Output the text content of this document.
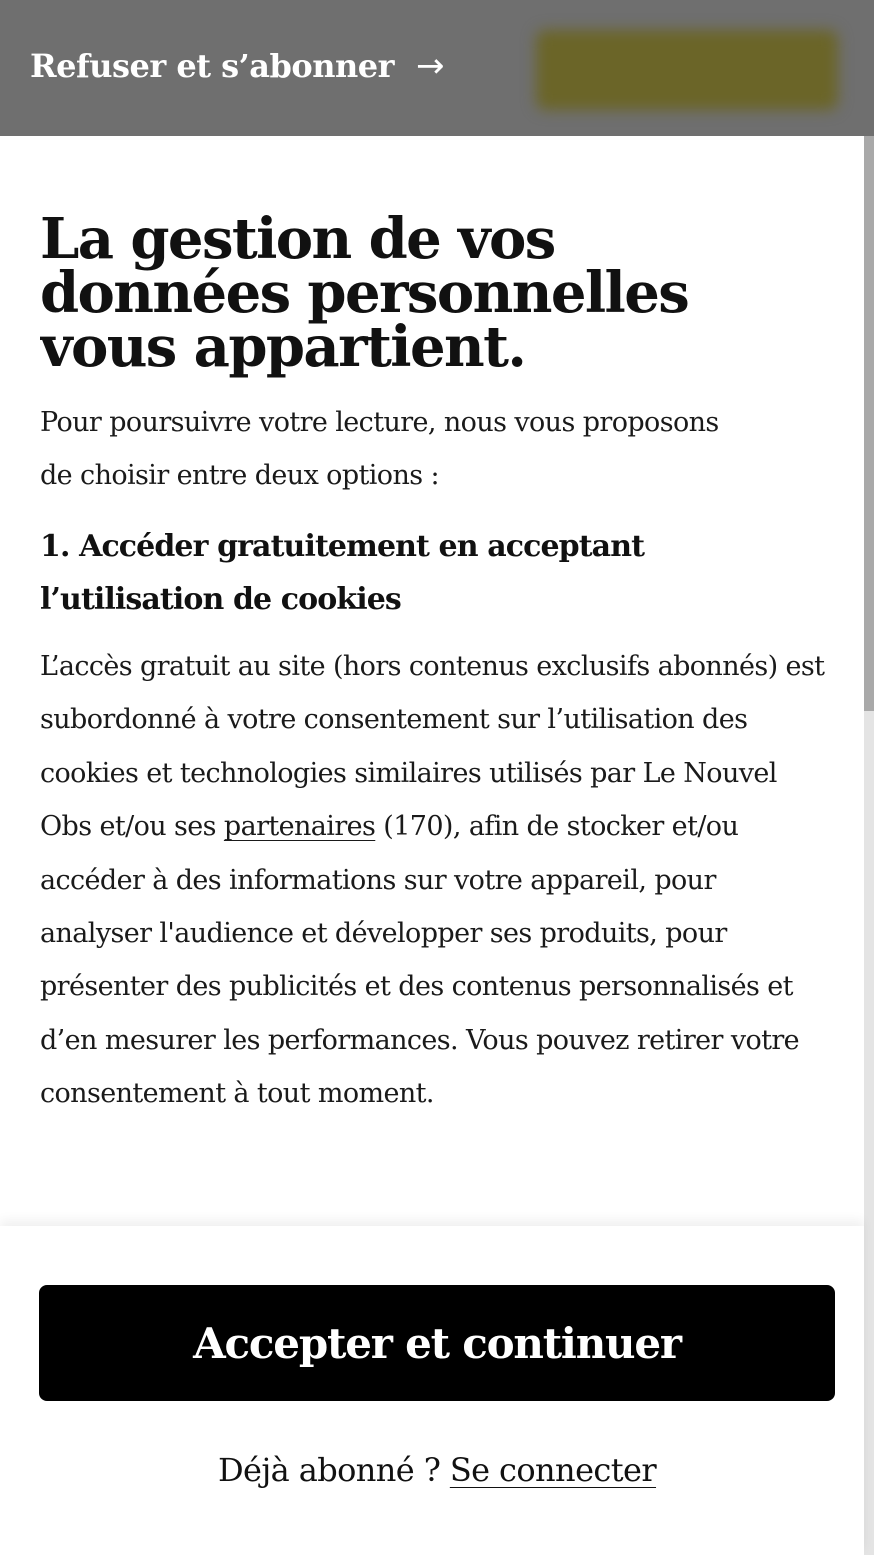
Refuser et s’abonner →
La gestion de vos données personnelles vous appartient.

Pour poursuivre votre lecture, nous vous proposons de choisir entre deux options :

1. Accéder gratuitement en acceptant l’utilisation de cookies

L’accès gratuit au site (hors contenus exclusifs abonnés) est subordonné à votre consentement sur l’utilisation des cookies et technologies similaires utilisés par Le Nouvel Obs et/ou ses partenaires (170), afin de stocker et/ou accéder à des informations sur votre appareil, pour analyser l'audience et développer ses produits, pour présenter des publicités et des contenus personnalisés et d’en mesurer les performances. Vous pouvez retirer votre consentement à tout moment.

Accepter et continuer
Déjà abonné ? Se connecter
